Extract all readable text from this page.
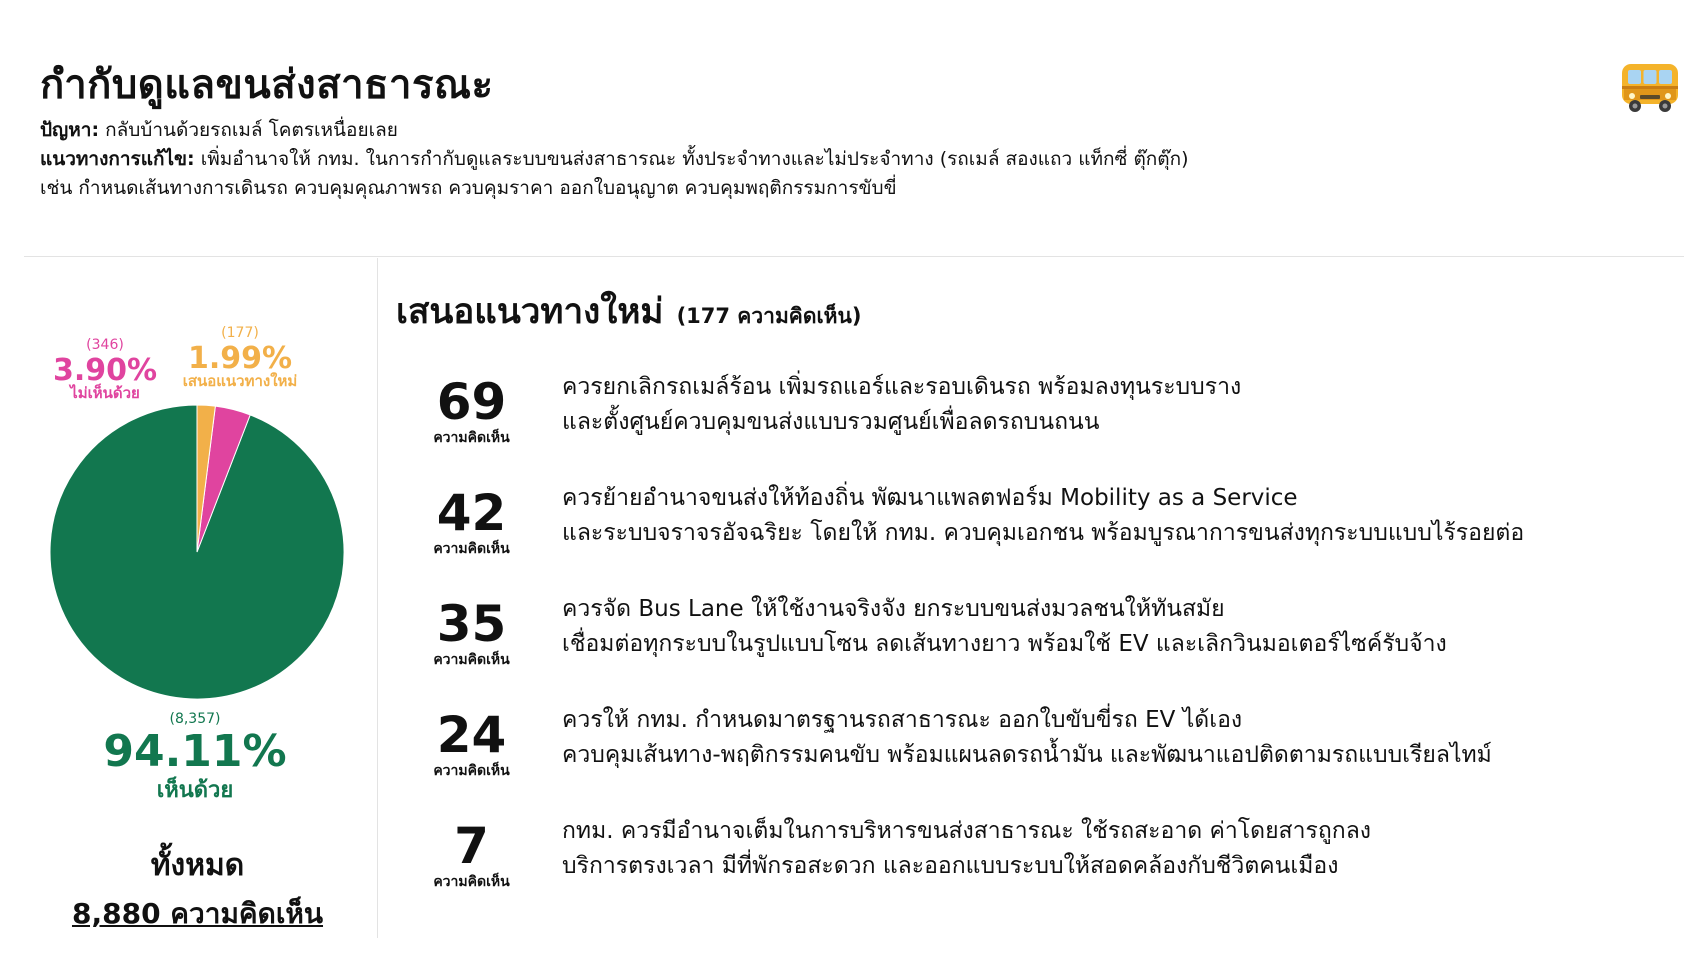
กำกับดูแลขนส่งสาธารณะ
ปัญหา: กลับบ้านด้วยรถเมล์ โคตรเหนื่อยเลย
แนวทางการแก้ไข: เพิ่มอำนาจให้ กทม. ในการกำกับดูแลระบบขนส่งสาธารณะ ทั้งประจำทางและไม่ประจำทาง (รถเมล์ สองแถว แท็กซี่ ตุ๊กตุ๊ก)
เช่น กำหนดเส้นทางการเดินรถ ควบคุมคุณภาพรถ ควบคุมราคา ออกใบอนุญาต ควบคุมพฤติกรรมการขับขี่
(346)
3.90%
ไม่เห็นด้วย
(177)
1.99%
เสนอแนวทางใหม่
(8,357)
94.11%
เห็นด้วย
ทั้งหมด
8,880 ความคิดเห็น
เสนอแนวทางใหม่ (177 ความคิดเห็น)
69
ความคิดเห็น
ควรยกเลิกรถเมล์ร้อน เพิ่มรถแอร์และรอบเดินรถ พร้อมลงทุนระบบราง
และตั้งศูนย์ควบคุมขนส่งแบบรวมศูนย์เพื่อลดรถบนถนน
42
ความคิดเห็น
ควรย้ายอำนาจขนส่งให้ท้องถิ่น พัฒนาแพลตฟอร์ม Mobility as a Service
และระบบจราจรอัจฉริยะ โดยให้ กทม. ควบคุมเอกชน พร้อมบูรณาการขนส่งทุกระบบแบบไร้รอยต่อ
35
ความคิดเห็น
ควรจัด Bus Lane ให้ใช้งานจริงจัง ยกระบบขนส่งมวลชนให้ทันสมัย
เชื่อมต่อทุกระบบในรูปแบบโซน ลดเส้นทางยาว พร้อมใช้ EV และเลิกวินมอเตอร์ไซค์รับจ้าง
24
ความคิดเห็น
ควรให้ กทม. กำหนดมาตรฐานรถสาธารณะ ออกใบขับขี่รถ EV ได้เอง
ควบคุมเส้นทาง-พฤติกรรมคนขับ พร้อมแผนลดรถน้ำมัน และพัฒนาแอปติดตามรถแบบเรียลไทม์
7
ความคิดเห็น
กทม. ควรมีอำนาจเต็มในการบริหารขนส่งสาธารณะ ใช้รถสะอาด ค่าโดยสารถูกลง
บริการตรงเวลา มีที่พักรอสะดวก และออกแบบระบบให้สอดคล้องกับชีวิตคนเมือง
